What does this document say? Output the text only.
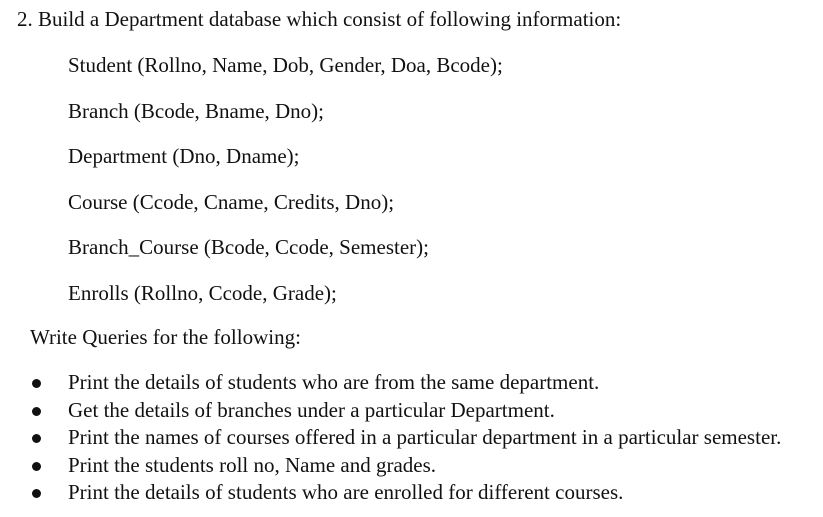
2. Build a Department database which consist of following information:
Student (Rollno, Name, Dob, Gender, Doa, Bcode);
Branch (Bcode, Bname, Dno);
Department (Dno, Dname);
Course (Ccode, Cname, Credits, Dno);
Branch_Course (Bcode, Ccode, Semester);
Enrolls (Rollno, Ccode, Grade);
Write Queries for the following:
Print the details of students who are from the same department.
Get the details of branches under a particular Department.
Print the names of courses offered in a particular department in a particular semester.
Print the students roll no, Name and grades.
Print the details of students who are enrolled for different courses.
